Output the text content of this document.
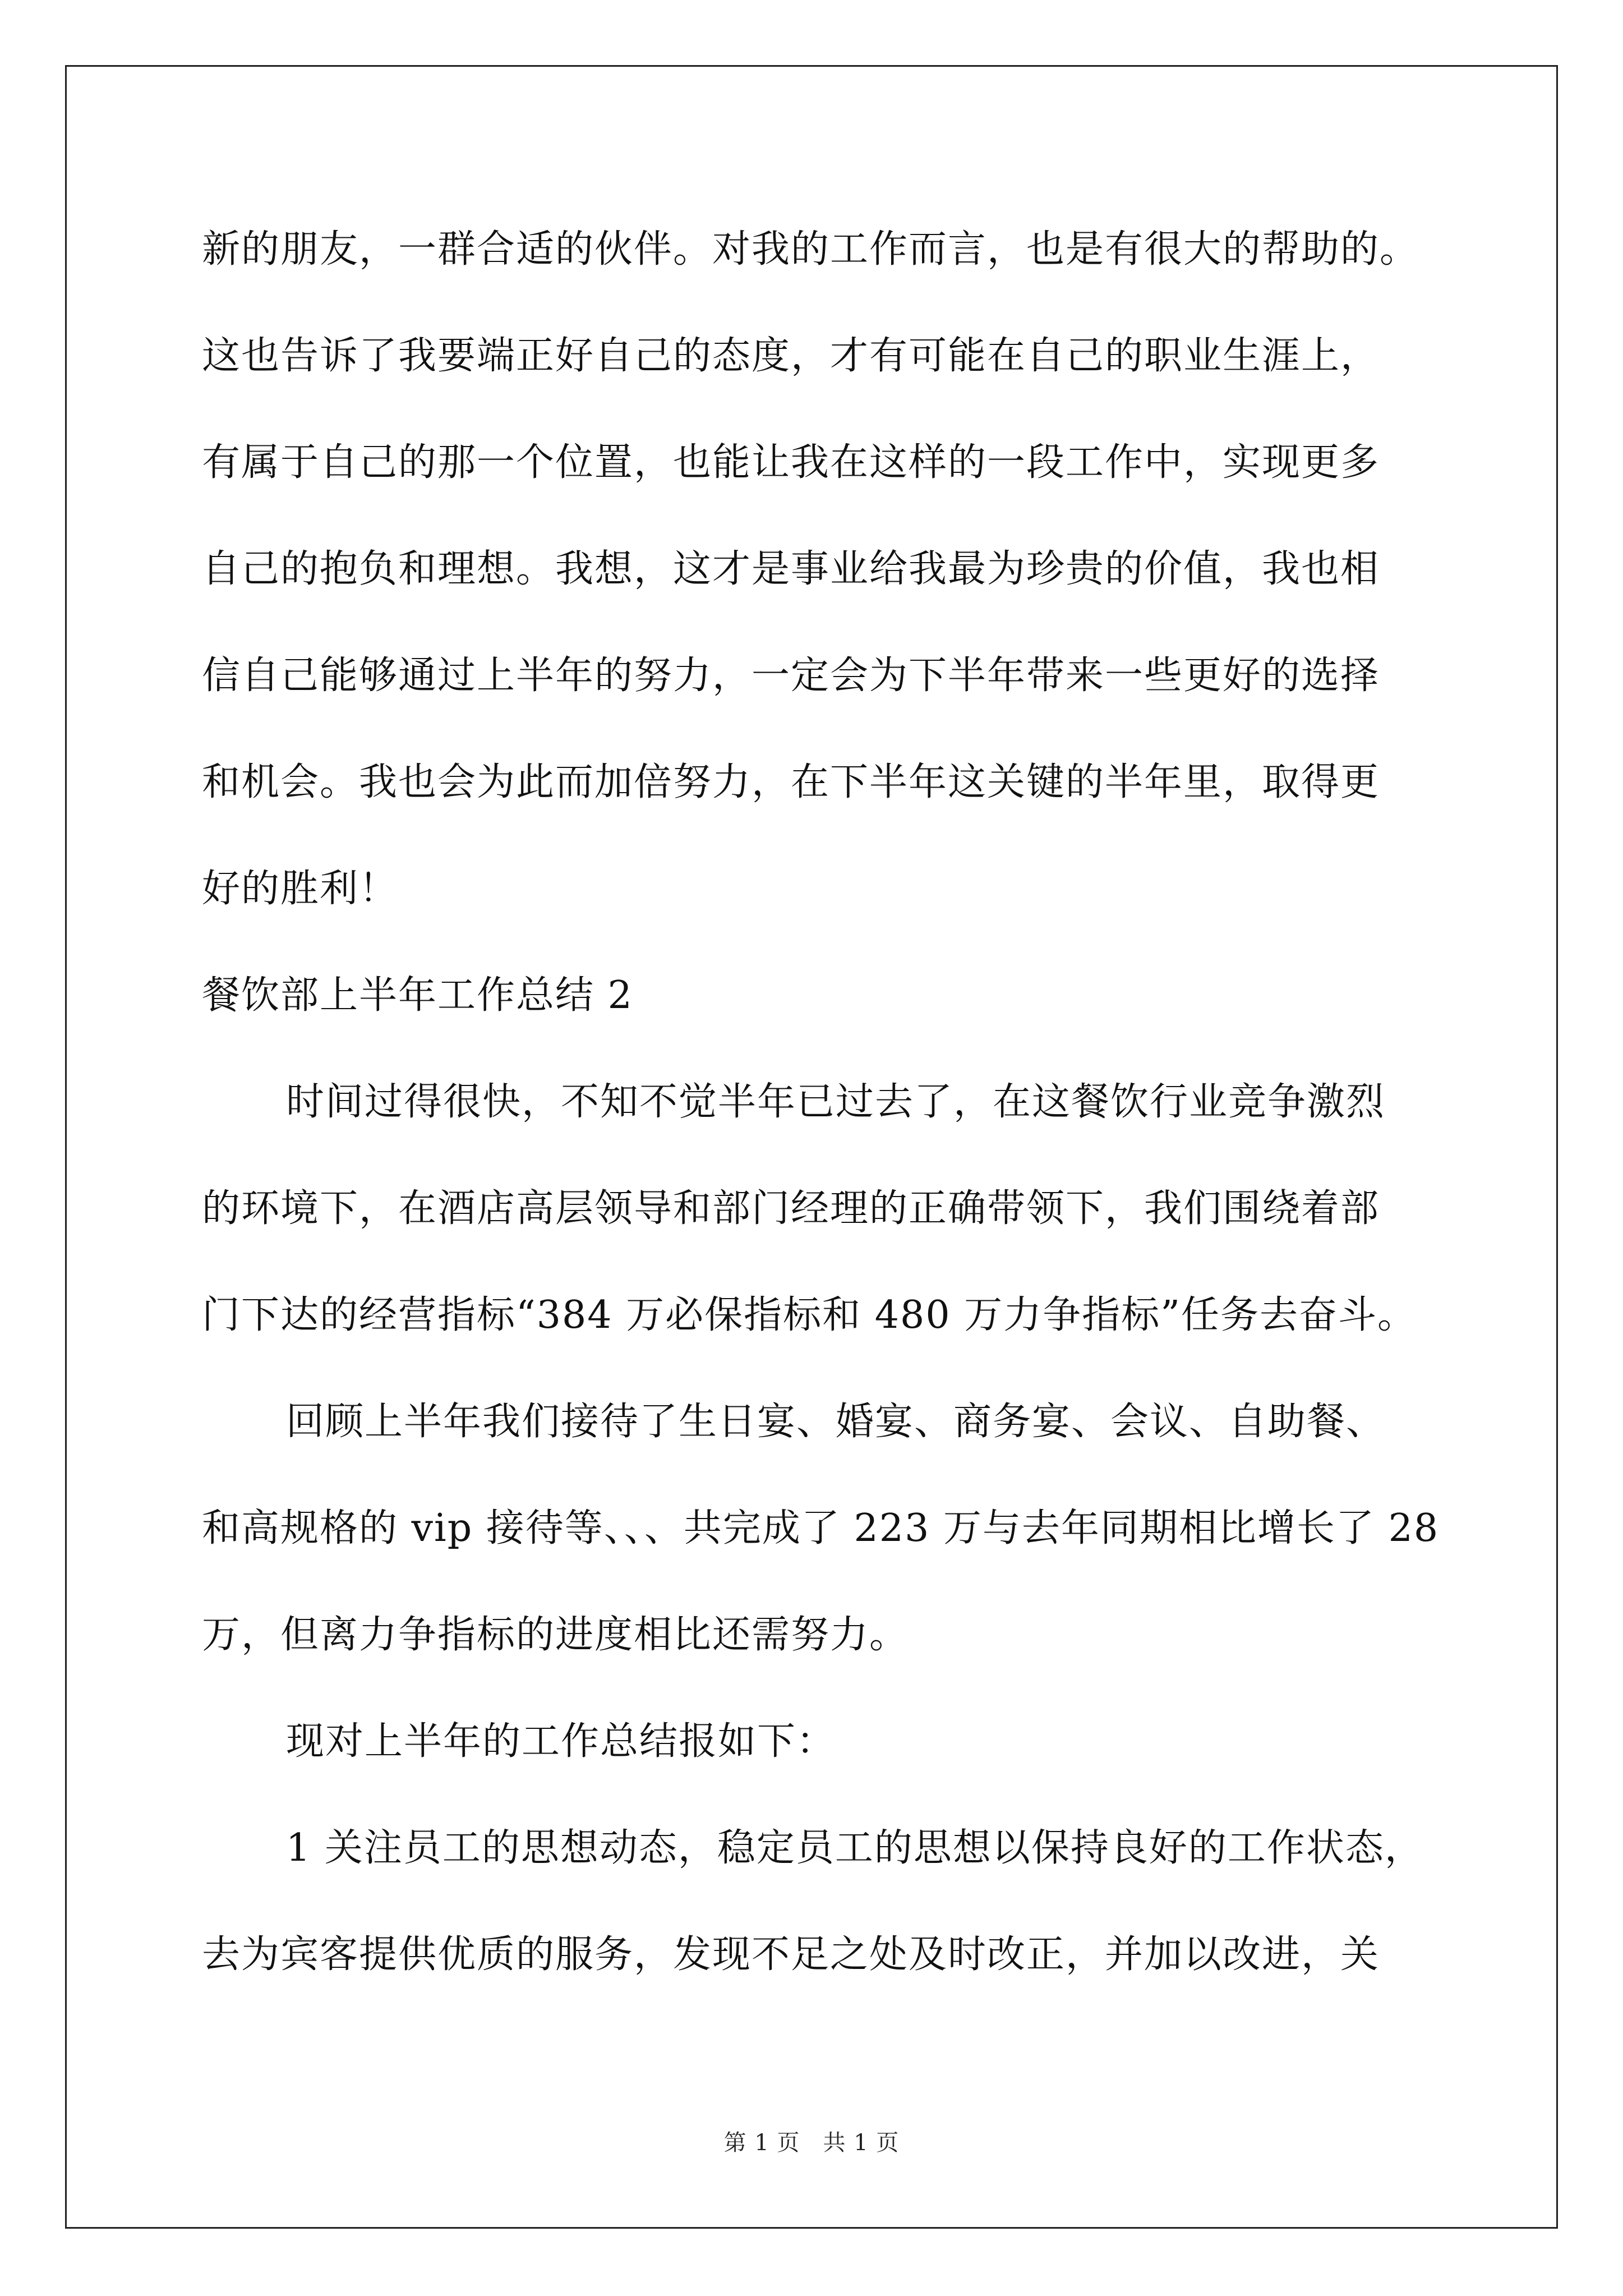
新的朋友，一群合适的伙伴。对我的工作而言，也是有很大的帮助的。
这也告诉了我要端正好自己的态度，才有可能在自己的职业生涯上，
有属于自己的那一个位置，也能让我在这样的一段工作中，实现更多
自己的抱负和理想。我想，这才是事业给我最为珍贵的价值，我也相
信自己能够通过上半年的努力，一定会为下半年带来一些更好的选择
和机会。我也会为此而加倍努力，在下半年这关键的半年里，取得更
好的胜利！
餐饮部上半年工作总结 2
时间过得很快，不知不觉半年已过去了，在这餐饮行业竞争激烈
的环境下，在酒店高层领导和部门经理的正确带领下，我们围绕着部
门下达的经营指标“384 万必保指标和 480 万力争指标”任务去奋斗。
回顾上半年我们接待了生日宴、婚宴、商务宴、会议、自助餐、
和高规格的 vip 接待等、、、共完成了 223 万与去年同期相比增长了 28
万，但离力争指标的进度相比还需努力。
现对上半年的工作总结报如下：
1 关注员工的思想动态，稳定员工的思想以保持良好的工作状态，
去为宾客提供优质的服务，发现不足之处及时改正，并加以改进，关
第 1 页　共 1 页
